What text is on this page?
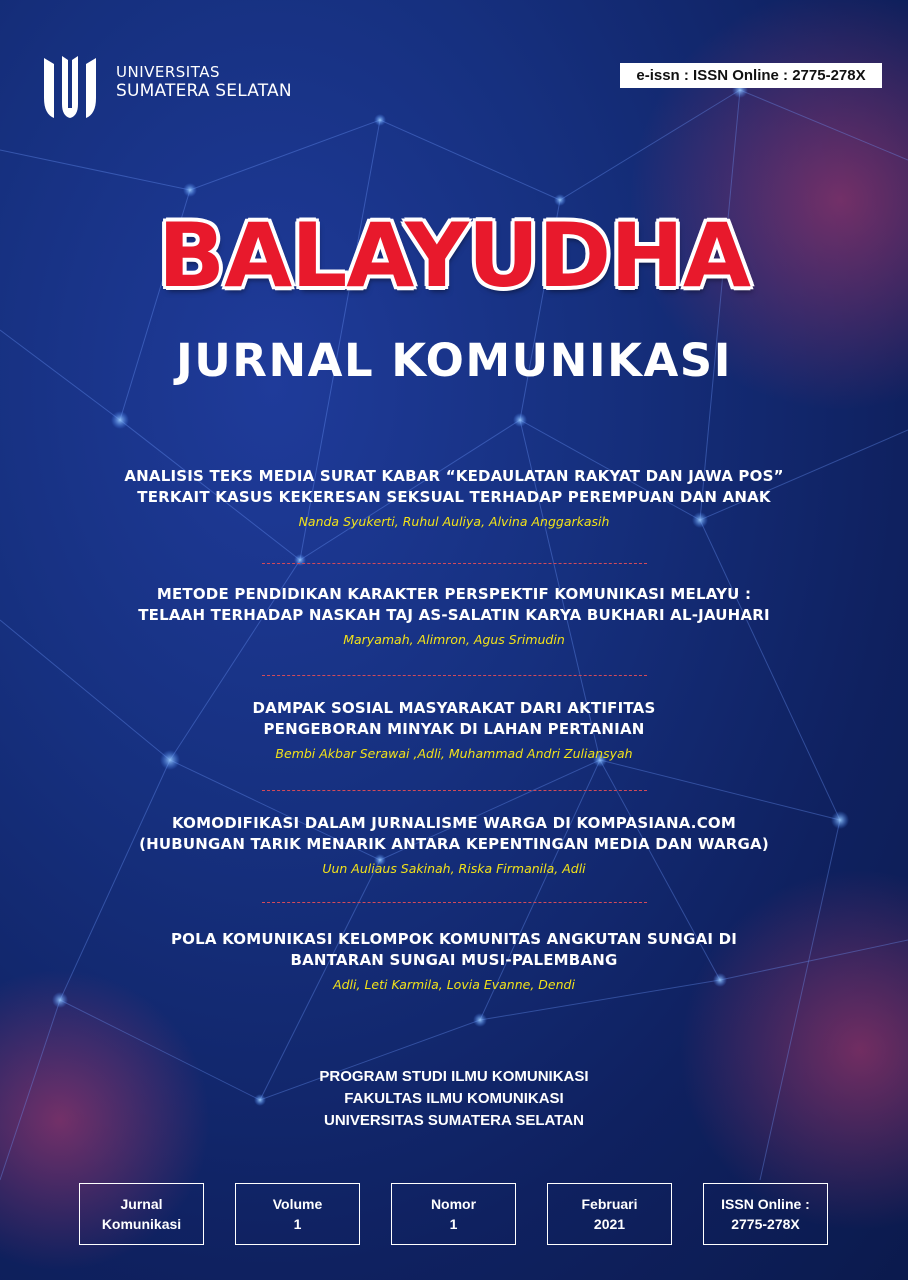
UNIVERSITAS
SUMATERA SELATAN
e-issn : ISSN Online : 2775-278X
BALAYUDHA
JURNAL KOMUNIKASI
ANALISIS TEKS MEDIA SURAT KABAR “KEDAULATAN RAKYAT DAN JAWA POS”
TERKAIT KASUS KEKERESAN SEKSUAL TERHADAP PEREMPUAN DAN ANAK
Nanda Syukerti, Ruhul Auliya, Alvina Anggarkasih
METODE PENDIDIKAN KARAKTER PERSPEKTIF KOMUNIKASI MELAYU :
TELAAH TERHADAP NASKAH TAJ AS-SALATIN KARYA BUKHARI AL-JAUHARI
Maryamah, Alimron, Agus Srimudin
DAMPAK SOSIAL MASYARAKAT DARI AKTIFITAS
PENGEBORAN MINYAK DI LAHAN PERTANIAN
Bembi Akbar Serawai ,Adli, Muhammad Andri Zuliansyah
KOMODIFIKASI DALAM JURNALISME WARGA DI KOMPASIANA.COM
(HUBUNGAN TARIK MENARIK ANTARA KEPENTINGAN MEDIA DAN WARGA)
Uun Auliaus Sakinah, Riska Firmanila, Adli
POLA KOMUNIKASI KELOMPOK KOMUNITAS ANGKUTAN SUNGAI DI
BANTARAN SUNGAI MUSI-PALEMBANG
Adli, Leti Karmila, Lovia Evanne, Dendi
PROGRAM STUDI ILMU KOMUNIKASI
FAKULTAS ILMU KOMUNIKASI
UNIVERSITAS SUMATERA SELATAN
Jurnal
Komunikasi
Volume
1
Nomor
1
Februari
2021
ISSN Online :
2775-278X
